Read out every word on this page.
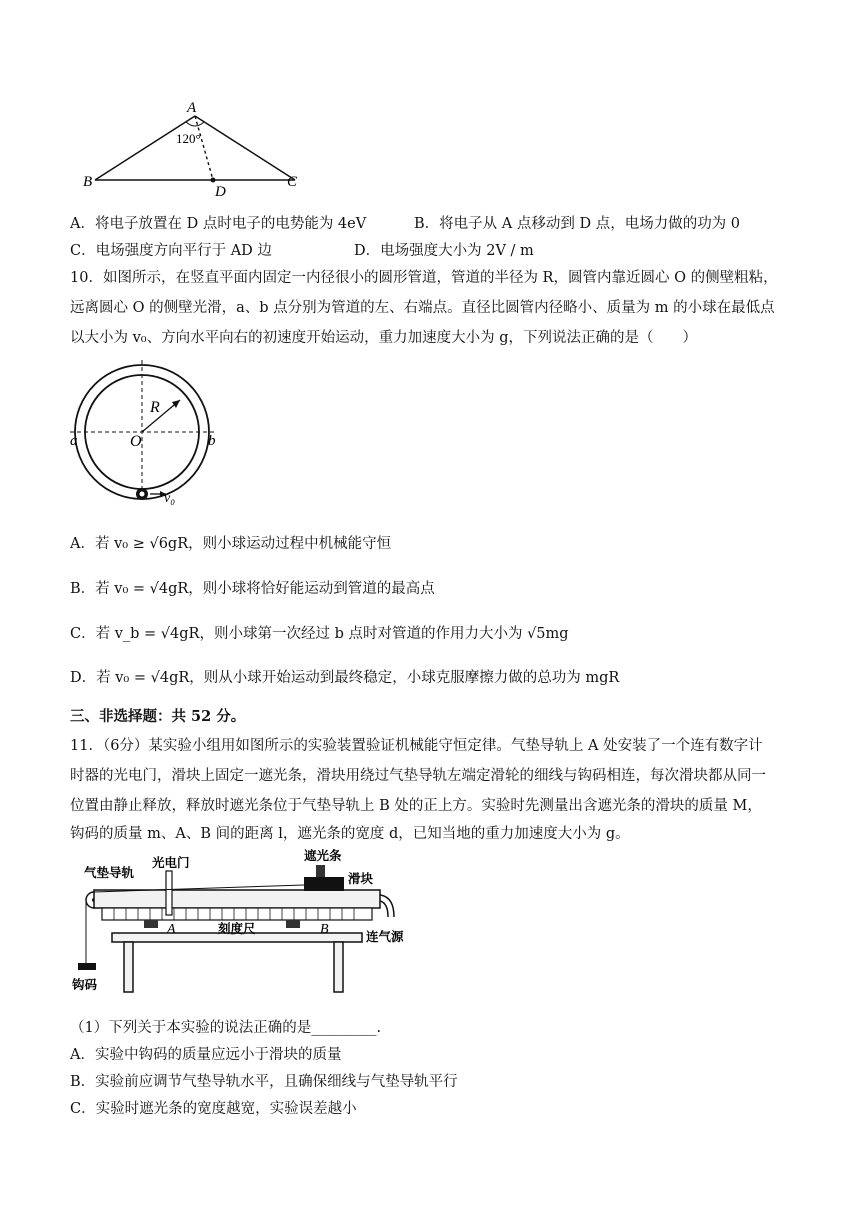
A
120°
B
D
C
A．将电子放置在 D 点时电子的电势能为 4eV	B．将电子从 A 点移动到 D 点，电场力做的功为 0
C．电场强度方向平行于 AD 边	D．电场强度大小为 2V / m
10．如图所示，在竖直平面内固定一内径很小的圆形管道，管道的半径为 R，圆管内靠近圆心 O 的侧壁粗粘，
远离圆心 O 的侧壁光滑，a、b 点分别为管道的左、右端点。直径比圆管内径略小、质量为 m 的小球在最低点
以大小为 v₀、方向水平向右的初速度开始运动，重力加速度大小为 g，下列说法正确的是（　　）
R
O
a	b
v₀
A．若 v₀ ≥ √6gR，则小球运动过程中机械能守恒
B．若 v₀ = √4gR，则小球将恰好能运动到管道的最高点
C．若 v_b = √4gR，则小球第一次经过 b 点时对管道的作用力大小为 √5mg
D．若 v₀ = √4gR，则从小球开始运动到最终稳定，小球克服摩擦力做的总功为 mgR
三、非选择题：共 52 分。
11．（6分）某实验小组用如图所示的实验装置验证机械能守恒定律。气垫导轨上 A 处安装了一个连有数字计
时器的光电门，滑块上固定一遮光条，滑块用绕过气垫导轨左端定滑轮的细线与钩码相连，每次滑块都从同一
位置由静止释放，释放时遮光条位于气垫导轨上 B 处的正上方。实验时先测量出含遮光条的滑块的质量 M，
钩码的质量 m、A、B 间的距离 l，遮光条的宽度 d，已知当地的重力加速度大小为 g。
气垫导轨
光电门	遮光条
滑块
A	刻度尺	B	连气源
钩码
（1）下列关于本实验的说法正确的是_________.
A．实验中钩码的质量应远小于滑块的质量
B．实验前应调节气垫导轨水平，且确保细线与气垫导轨平行
C．实验时遮光条的宽度越宽，实验误差越小
